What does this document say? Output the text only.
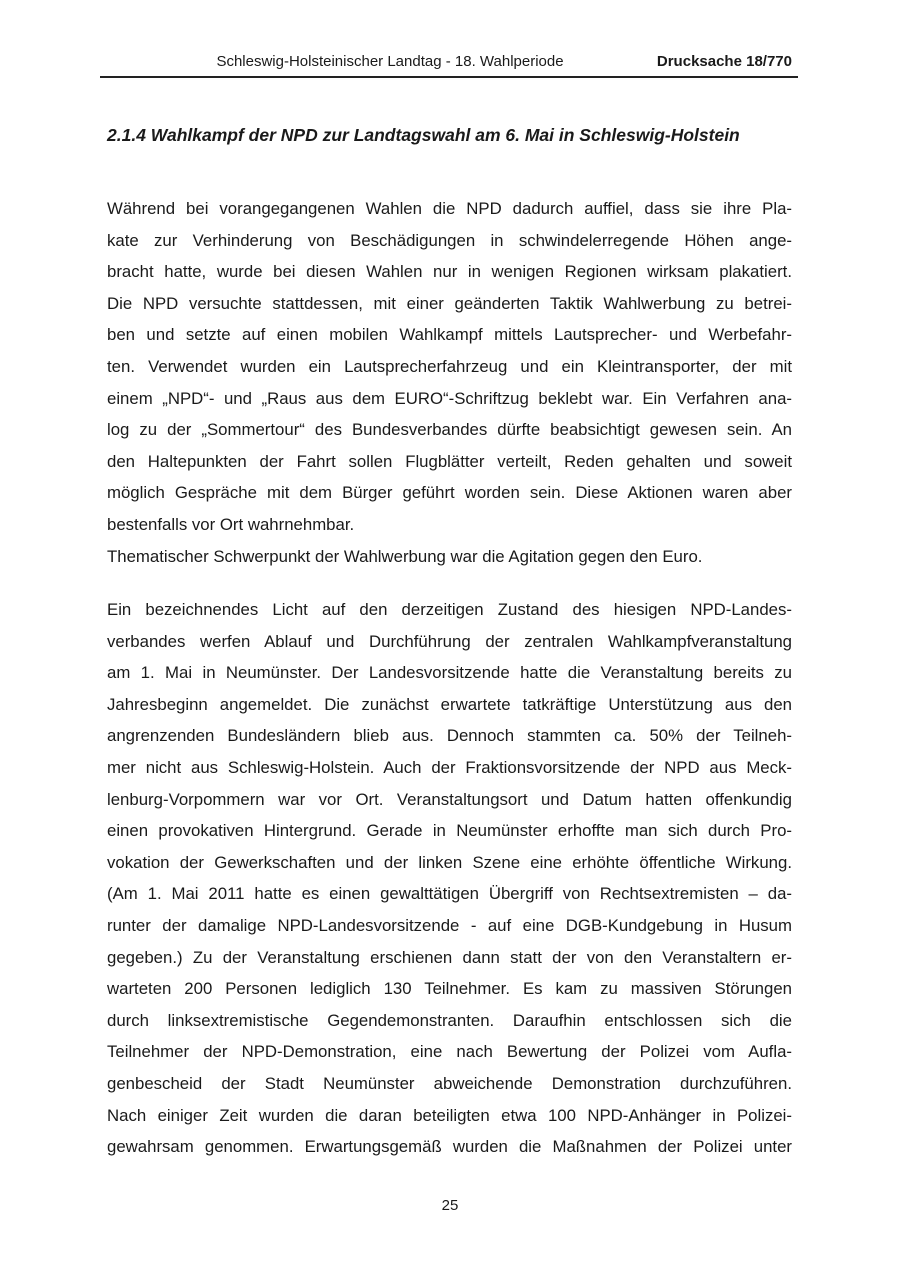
Schleswig-Holsteinischer Landtag - 18. Wahlperiode	Drucksache 18/770
2.1.4 Wahlkampf der NPD zur Landtagswahl am 6. Mai in Schleswig-Holstein
Während bei vorangegangenen Wahlen die NPD dadurch auffiel, dass sie ihre Pla-
kate zur Verhinderung von Beschädigungen in schwindelerregende Höhen ange-
bracht hatte, wurde bei diesen Wahlen nur in wenigen Regionen wirksam plakatiert.
Die NPD versuchte stattdessen, mit einer geänderten Taktik Wahlwerbung zu betrei-
ben und setzte auf einen mobilen Wahlkampf mittels Lautsprecher- und Werbefahr-
ten. Verwendet wurden ein Lautsprecherfahrzeug und ein Kleintransporter, der mit
einem „NPD“- und „Raus aus dem EURO“-Schriftzug beklebt war. Ein Verfahren ana-
log zu der „Sommertour“ des Bundesverbandes dürfte beabsichtigt gewesen sein. An
den Haltepunkten der Fahrt sollen Flugblätter verteilt, Reden gehalten und soweit
möglich Gespräche mit dem Bürger geführt worden sein. Diese Aktionen waren aber
bestenfalls vor Ort wahrnehmbar.
Thematischer Schwerpunkt der Wahlwerbung war die Agitation gegen den Euro.
Ein bezeichnendes Licht auf den derzeitigen Zustand des hiesigen NPD-Landes-
verbandes werfen Ablauf und Durchführung der zentralen Wahlkampfveranstaltung
am 1. Mai in Neumünster. Der Landesvorsitzende hatte die Veranstaltung bereits zu
Jahresbeginn angemeldet. Die zunächst erwartete tatkräftige Unterstützung aus den
angrenzenden Bundesländern blieb aus. Dennoch stammten ca. 50% der Teilneh-
mer nicht aus Schleswig-Holstein. Auch der Fraktionsvorsitzende der NPD aus Meck-
lenburg-Vorpommern war vor Ort. Veranstaltungsort und Datum hatten offenkundig
einen provokativen Hintergrund. Gerade in Neumünster erhoffte man sich durch Pro-
vokation der Gewerkschaften und der linken Szene eine erhöhte öffentliche Wirkung.
(Am 1. Mai 2011 hatte es einen gewalttätigen Übergriff von Rechtsextremisten – da-
runter der damalige NPD-Landesvorsitzende - auf eine DGB-Kundgebung in Husum
gegeben.) Zu der Veranstaltung erschienen dann statt der von den Veranstaltern er-
warteten 200 Personen lediglich 130 Teilnehmer. Es kam zu massiven Störungen
durch linksextremistische Gegendemonstranten. Daraufhin entschlossen sich die
Teilnehmer der NPD-Demonstration, eine nach Bewertung der Polizei vom Aufla-
genbescheid der Stadt Neumünster abweichende Demonstration durchzuführen.
Nach einiger Zeit wurden die daran beteiligten etwa 100 NPD-Anhänger in Polizei-
gewahrsam genommen. Erwartungsgemäß wurden die Maßnahmen der Polizei unter
25
